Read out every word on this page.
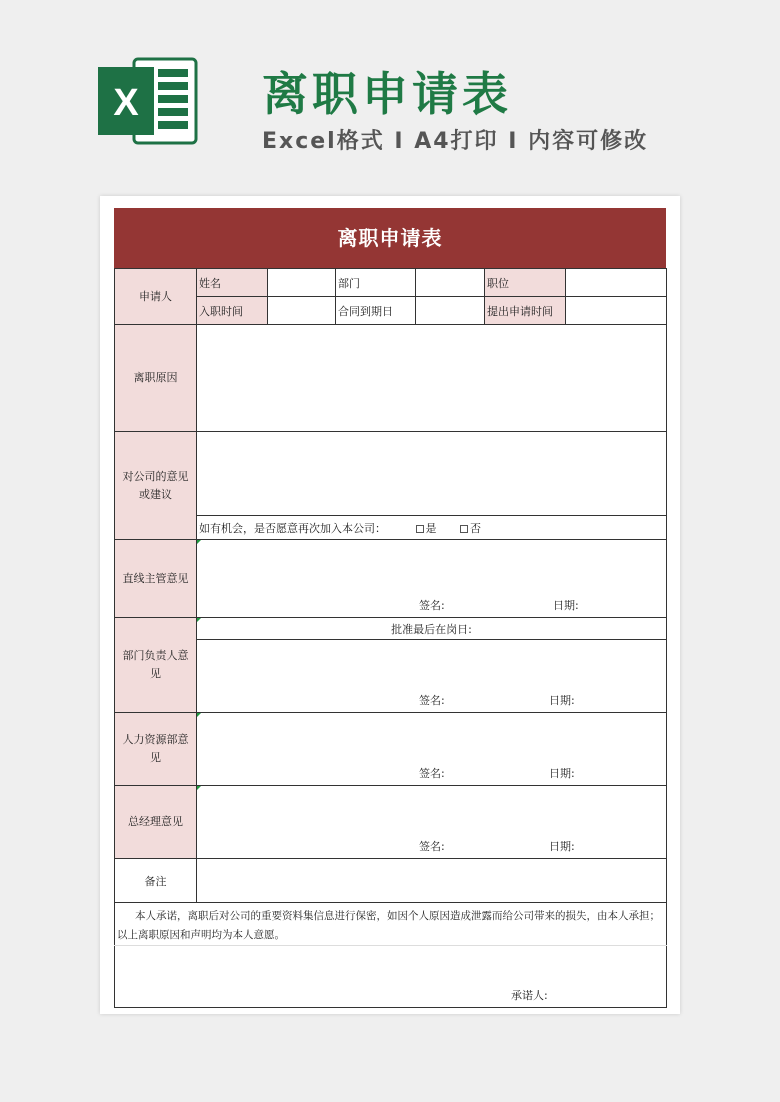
X	离职申请表
Excel格式 I A4打印 I 内容可修改
离职申请表
申请人	姓名		部门		职位	
	入职时间		合同到期日		提出申请时间	
离职原因						
对公司的意见或建议						
	如有机会，是否愿意再次加入本公司： 是 否					
直线主管意见	签名: 日期:					

部门负责人意见	批准最后在岗日:					

	签名: 日期:					

人力资源部意见	签名: 日期:					

总经理意见	签名: 日期:					

备注						
本人承诺，离职后对公司的重要资料集信息进行保密，如因个人原因造成泄露而给公司带来的损失，由本人承担；以上离职原因和声明均为本人意愿。						

承诺人:						
